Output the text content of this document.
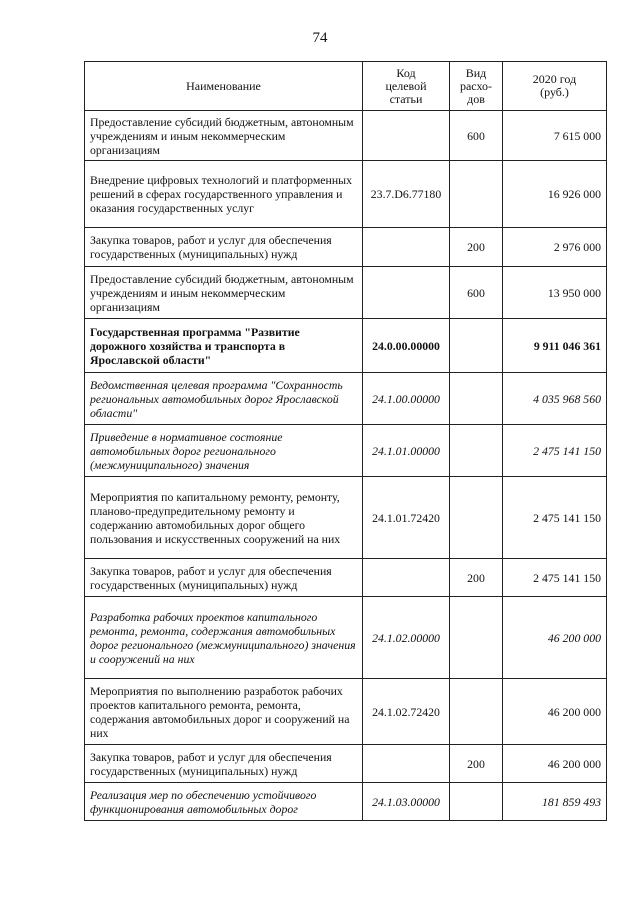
74
Наименование	Код целевой статьи	Вид расхо-дов	2020 год (руб.)
Предоставление субсидий бюджетным, автономным учреждениям и иным некоммерческим организациям		600	7 615 000
Внедрение цифровых технологий и платформенных решений в сферах государственного управления и оказания государственных услуг	23.7.D6.77180		16 926 000
Закупка товаров, работ и услуг для обеспечения государственных (муниципальных) нужд		200	2 976 000
Предоставление субсидий бюджетным, автономным учреждениям и иным некоммерческим организациям		600	13 950 000
Государственная программа "Развитие дорожного хозяйства и транспорта в Ярославской области"	24.0.00.00000		9 911 046 361
Ведомственная целевая программа "Сохранность региональных автомобильных дорог Ярославской области"	24.1.00.00000		4 035 968 560
Приведение в нормативное состояние автомобильных дорог регионального (межмуниципального) значения	24.1.01.00000		2 475 141 150
Мероприятия по капитальному ремонту, ремонту, планово-предупредительному ремонту и содержанию автомобильных дорог общего пользования и искусственных сооружений на них	24.1.01.72420		2 475 141 150
Закупка товаров, работ и услуг для обеспечения государственных (муниципальных) нужд		200	2 475 141 150
Разработка рабочих проектов капитального ремонта, ремонта, содержания автомобильных дорог регионального (межмуниципального) значения и сооружений на них	24.1.02.00000		46 200 000
Мероприятия по выполнению разработок рабочих проектов капитального ремонта, ремонта, содержания автомобильных дорог и сооружений на них	24.1.02.72420		46 200 000
Закупка товаров, работ и услуг для обеспечения государственных (муниципальных) нужд		200	46 200 000
Реализация мер по обеспечению устойчивого функционирования автомобильных дорог	24.1.03.00000		181 859 493
